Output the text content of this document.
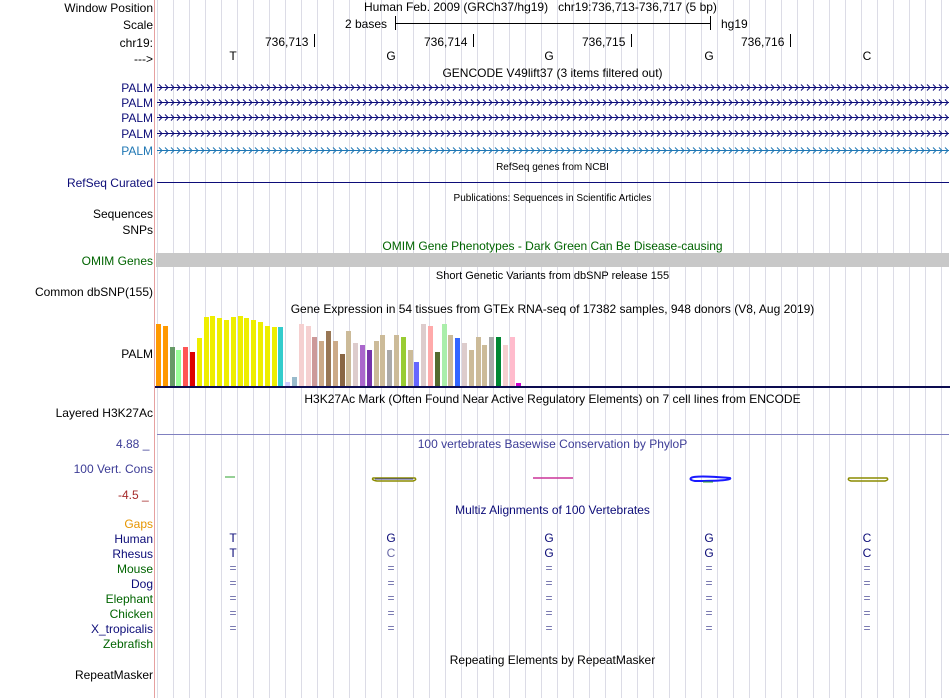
Window Position	Human Feb. 2009 (GRCh37/hg19) chr19:736,713-736,717 (5 bp)
Scale	2 bases	hg19
chr19:	736,713	736,714	736,715	736,716
--->	T	G	G	G	C
GENCODE V49lift37 (3 items filtered out)
PALM
PALM
PALM
PALM
PALM
RefSeq genes from NCBI
RefSeq Curated
Publications: Sequences in Scientific Articles
Sequences
SNPs
OMIM Gene Phenotypes - Dark Green Can Be Disease-causing
OMIM Genes
Short Genetic Variants from dbSNP release 155
Common dbSNP(155)
Gene Expression in 54 tissues from GTEx RNA-seq of 17382 samples, 948 donors (V8, Aug 2019)
PALM
H3K27Ac Mark (Often Found Near Active Regulatory Elements) on 7 cell lines from ENCODE
Layered H3K27Ac
4.88 _	100 vertebrates Basewise Conservation by PhyloP
100 Vert. Cons
-4.5 _
Multiz Alignments of 100 Vertebrates
Gaps
Human	T	G	G	G	C
Rhesus	T	C	G	G	C
Mouse	=	=	=	=	=
Dog	=	=	=	=	=
Elephant	=	=	=	=	=
Chicken	=	=	=	=	=
X_tropicalis	=	=	=	=	=
Zebrafish
Repeating Elements by RepeatMasker
RepeatMasker
